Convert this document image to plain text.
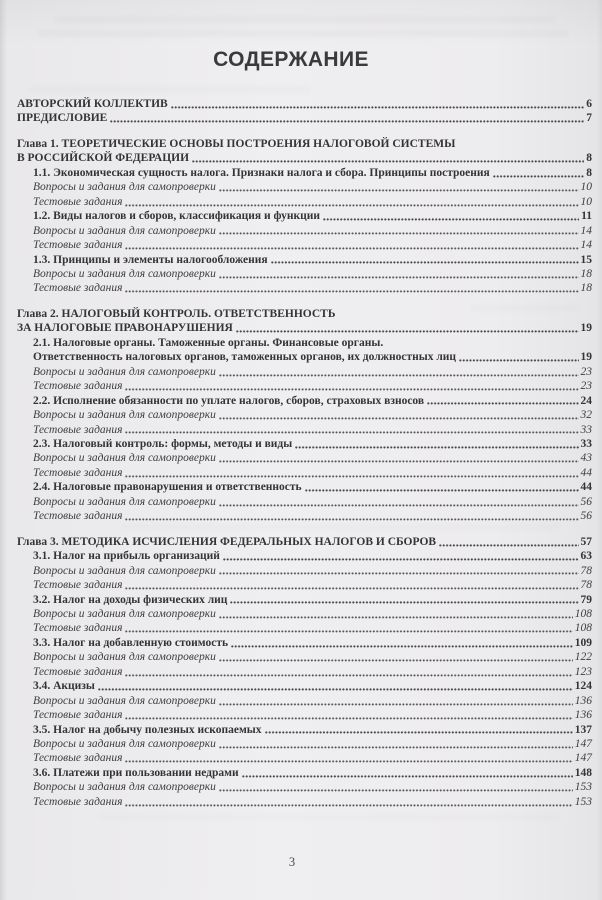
СОДЕРЖАНИЕ
АВТОРСКИЙ КОЛЛЕКТИВ	6
ПРЕДИСЛОВИЕ	7
Глава 1. ТЕОРЕТИЧЕСКИЕ ОСНОВЫ ПОСТРОЕНИЯ НАЛОГОВОЙ СИСТЕМЫ
В РОССИЙСКОЙ ФЕДЕРАЦИИ	8
1.1. Экономическая сущность налога. Признаки налога и сбора. Принципы построения	8
Вопросы и задания для самопроверки	10
Тестовые задания	10
1.2. Виды налогов и сборов, классификация и функции	11
Вопросы и задания для самопроверки	14
Тестовые задания	14
1.3. Принципы и элементы налогообложения	15
Вопросы и задания для самопроверки	18
Тестовые задания	18
Глава 2. НАЛОГОВЫЙ КОНТРОЛЬ. ОТВЕТСТВЕННОСТЬ
ЗА НАЛОГОВЫЕ ПРАВОНАРУШЕНИЯ	19
2.1. Налоговые органы. Таможенные органы. Финансовые органы.
Ответственность налоговых органов, таможенных органов, их должностных лиц	19
Вопросы и задания для самопроверки	23
Тестовые задания	23
2.2. Исполнение обязанности по уплате налогов, сборов, страховых взносов	24
Вопросы и задания для самопроверки	32
Тестовые задания	33
2.3. Налоговый контроль: формы, методы и виды	33
Вопросы и задания для самопроверки	43
Тестовые задания	44
2.4. Налоговые правонарушения и ответственность	44
Вопросы и задания для самопроверки	56
Тестовые задания	56
Глава 3. МЕТОДИКА ИСЧИСЛЕНИЯ ФЕДЕРАЛЬНЫХ НАЛОГОВ И СБОРОВ	57
3.1. Налог на прибыль организаций	63
Вопросы и задания для самопроверки	78
Тестовые задания	78
3.2. Налог на доходы физических лиц	79
Вопросы и задания для самопроверки	108
Тестовые задания	108
3.3. Налог на добавленную стоимость	109
Вопросы и задания для самопроверки	122
Тестовые задания	123
3.4. Акцизы	124
Вопросы и задания для самопроверки	136
Тестовые задания	136
3.5. Налог на добычу полезных ископаемых	137
Вопросы и задания для самопроверки	147
Тестовые задания	147
3.6. Платежи при пользовании недрами	148
Вопросы и задания для самопроверки	153
Тестовые задания	153
3
